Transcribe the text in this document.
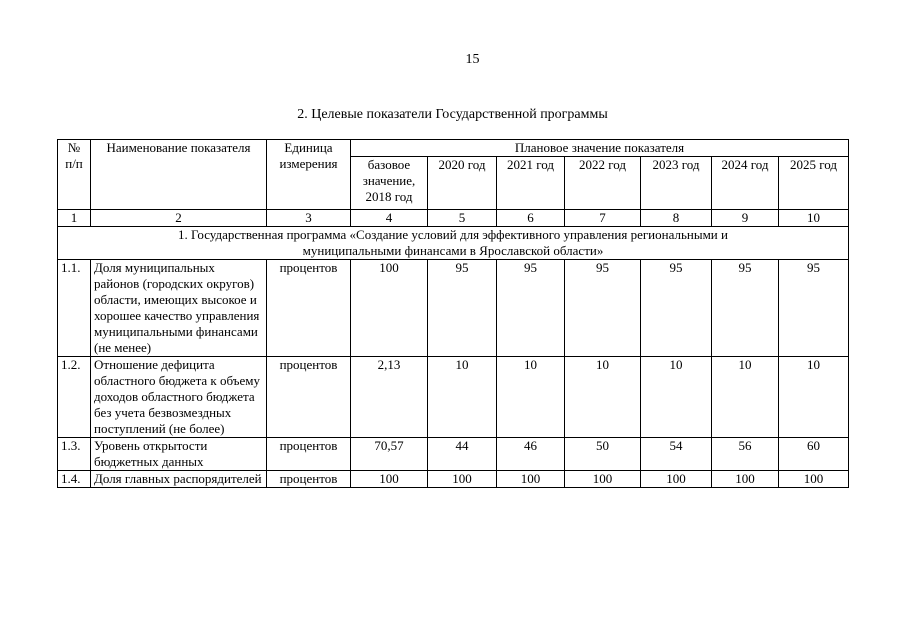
15
2. Целевые показатели Государственной программы
№
п/п	Наименование показателя	Единица измерения	Плановое значение показателя						
			базовое значение, 2018 год	2020 год	2021 год	2022 год	2023 год	2024 год	2025 год
1	2	3	4	5	6	7	8	9	10
1. Государственная программа «Создание условий для эффективного управления региональными и муниципальными финансами в Ярославской области»									
1.1.	Доля муниципальных районов (городских округов) области, имеющих высокое и хорошее качество управления муниципальными финансами (не менее)	процентов	100	95	95	95	95	95	95
1.2.	Отношение дефицита областного бюджета к объему доходов областного бюджета без учета безвозмездных поступлений (не более)	процентов	2,13	10	10	10	10	10	10
1.3.	Уровень открытости бюджетных данных	процентов	70,57	44	46	50	54	56	60
1.4.	Доля главных распорядителей	процентов	100	100	100	100	100	100	100
